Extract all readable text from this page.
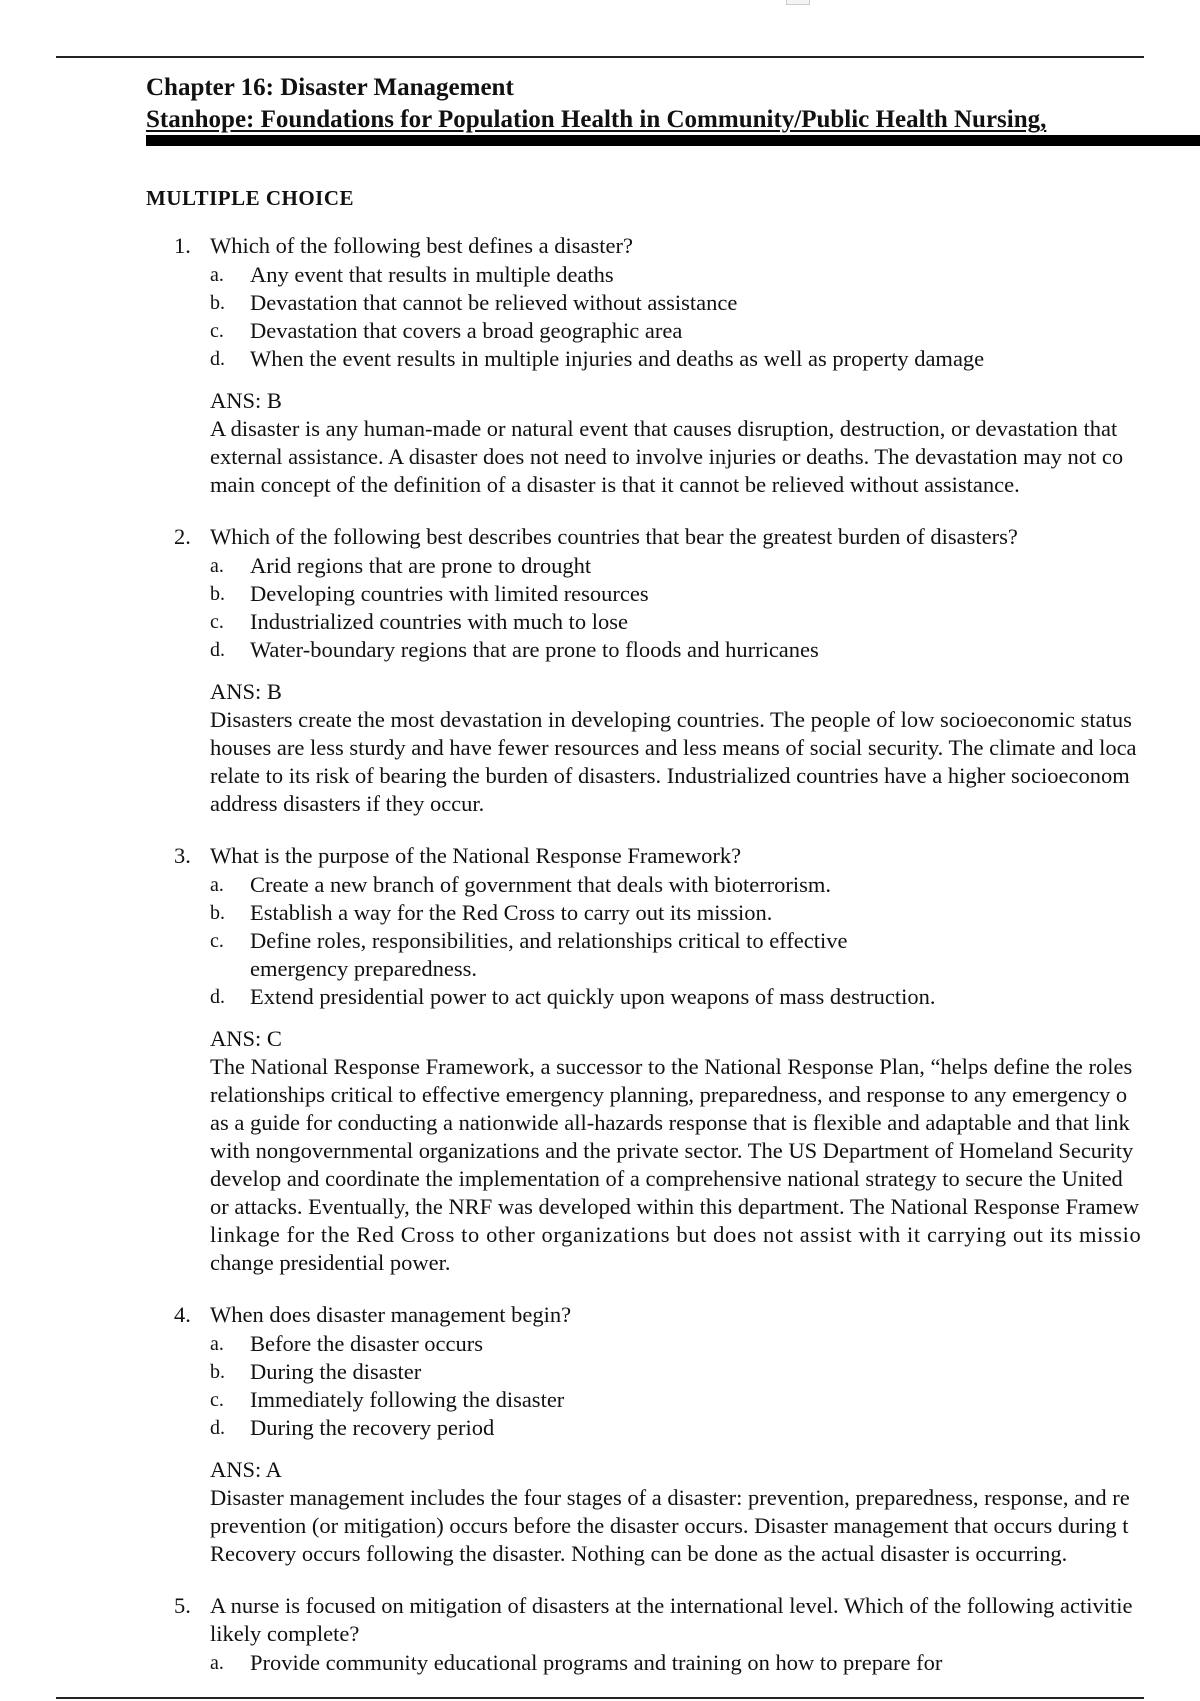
Chapter 16: Disaster Management
Stanhope: Foundations for Population Health in Community/Public Health Nursing,
MULTIPLE CHOICE
1. Which of the following best defines a disaster?
a. Any event that results in multiple deaths
b. Devastation that cannot be relieved without assistance
c. Devastation that covers a broad geographic area
d. When the event results in multiple injuries and deaths as well as property damage
ANS: B
A disaster is any human-made or natural event that causes disruption, destruction, or devastation that
external assistance. A disaster does not need to involve injuries or deaths. The devastation may not co
main concept of the definition of a disaster is that it cannot be relieved without assistance.
2. Which of the following best describes countries that bear the greatest burden of disasters?
a. Arid regions that are prone to drought
b. Developing countries with limited resources
c. Industrialized countries with much to lose
d. Water-boundary regions that are prone to floods and hurricanes
ANS: B
Disasters create the most devastation in developing countries. The people of low socioeconomic status
houses are less sturdy and have fewer resources and less means of social security. The climate and loca
relate to its risk of bearing the burden of disasters. Industrialized countries have a higher socioeconom
address disasters if they occur.
3. What is the purpose of the National Response Framework?
a. Create a new branch of government that deals with bioterrorism.
b. Establish a way for the Red Cross to carry out its mission.
c. Define roles, responsibilities, and relationships critical to effective emergency preparedness.
d. Extend presidential power to act quickly upon weapons of mass destruction.
ANS: C
The National Response Framework, a successor to the National Response Plan, “helps define the roles
relationships critical to effective emergency planning, preparedness, and response to any emergency o
as a guide for conducting a nationwide all-hazards response that is flexible and adaptable and that link
with nongovernmental organizations and the private sector. The US Department of Homeland Security
develop and coordinate the implementation of a comprehensive national strategy to secure the United
or attacks. Eventually, the NRF was developed within this department. The National Response Framew
linkage for the Red Cross to other organizations but does not assist with it carrying out its missio
change presidential power.
4. When does disaster management begin?
a. Before the disaster occurs
b. During the disaster
c. Immediately following the disaster
d. During the recovery period
ANS: A
Disaster management includes the four stages of a disaster: prevention, preparedness, response, and re
prevention (or mitigation) occurs before the disaster occurs. Disaster management that occurs during t
Recovery occurs following the disaster. Nothing can be done as the actual disaster is occurring.
5. A nurse is focused on mitigation of disasters at the international level. Which of the following activitie
likely complete?
a. Provide community educational programs and training on how to prepare for
